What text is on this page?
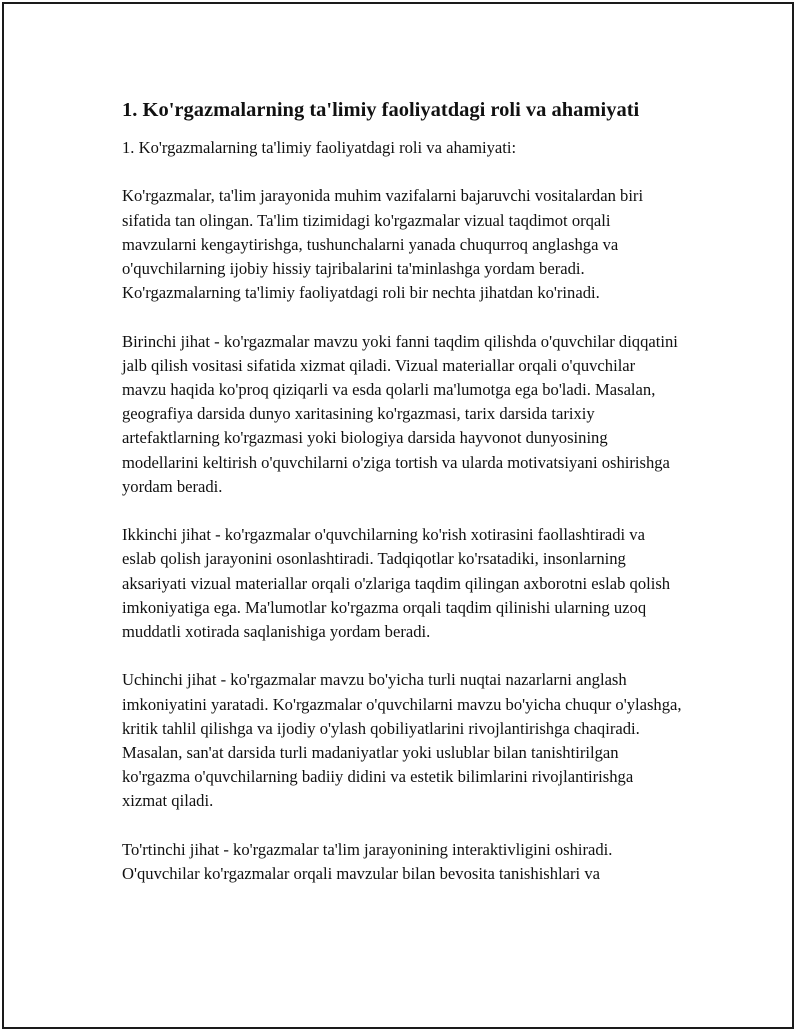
1. Ko'rgazmalarning ta'limiy faoliyatdagi roli va ahamiyati

1. Ko'rgazmalarning ta'limiy faoliyatdagi roli va ahamiyati:

Ko'rgazmalar, ta'lim jarayonida muhim vazifalarni bajaruvchi vositalardan biri sifatida tan olingan. Ta'lim tizimidagi ko'rgazmalar vizual taqdimot orqali mavzularni kengaytirishga, tushunchalarni yanada chuqurroq anglashga va o'quvchilarning ijobiy hissiy tajribalarini ta'minlashga yordam beradi. Ko'rgazmalarning ta'limiy faoliyatdagi roli bir nechta jihatdan ko'rinadi.

Birinchi jihat - ko'rgazmalar mavzu yoki fanni taqdim qilishda o'quvchilar diqqatini jalb qilish vositasi sifatida xizmat qiladi. Vizual materiallar orqali o'quvchilar mavzu haqida ko'proq qiziqarli va esda qolarli ma'lumotga ega bo'ladi. Masalan, geografiya darsida dunyo xaritasining ko'rgazmasi, tarix darsida tarixiy artefaktlarning ko'rgazmasi yoki biologiya darsida hayvonot dunyosining modellarini keltirish o'quvchilarni o'ziga tortish va ularda motivatsiyani oshirishga yordam beradi.

Ikkinchi jihat - ko'rgazmalar o'quvchilarning ko'rish xotirasini faollashtiradi va eslab qolish jarayonini osonlashtiradi. Tadqiqotlar ko'rsatadiki, insonlarning aksariyati vizual materiallar orqali o'zlariga taqdim qilingan axborotni eslab qolish imkoniyatiga ega. Ma'lumotlar ko'rgazma orqali taqdim qilinishi ularning uzoq muddatli xotirada saqlanishiga yordam beradi.

Uchinchi jihat - ko'rgazmalar mavzu bo'yicha turli nuqtai nazarlarni anglash imkoniyatini yaratadi. Ko'rgazmalar o'quvchilarni mavzu bo'yicha chuqur o'ylashga, kritik tahlil qilishga va ijodiy o'ylash qobiliyatlarini rivojlantirishga chaqiradi. Masalan, san'at darsida turli madaniyatlar yoki uslublar bilan tanishtirilgan ko'rgazma o'quvchilarning badiiy didini va estetik bilimlarini rivojlantirishga xizmat qiladi.

To'rtinchi jihat - ko'rgazmalar ta'lim jarayonining interaktivligini oshiradi. O'quvchilar ko'rgazmalar orqali mavzular bilan bevosita tanishishlari va
